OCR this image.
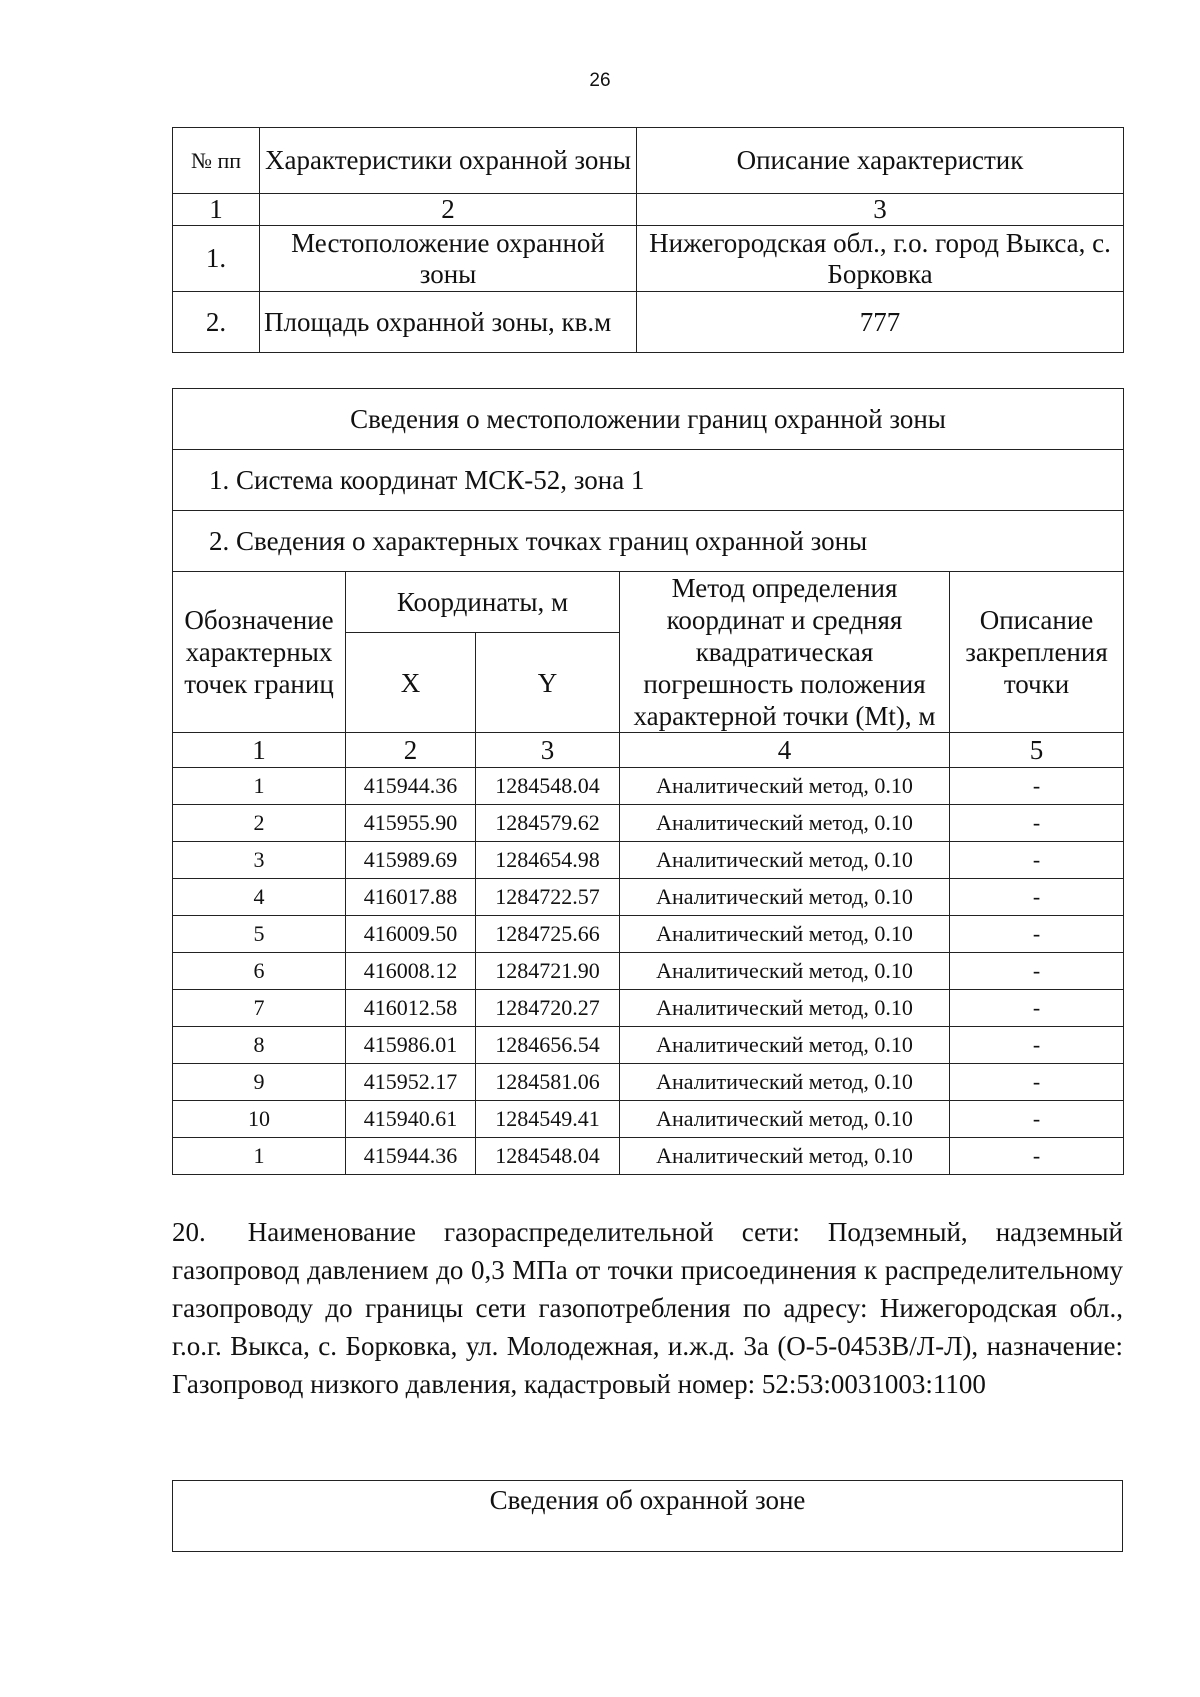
26
№ пп	Характеристики охранной зоны	Описание характеристик
1	2	3
1.	Местоположение охранной зоны	Нижегородская обл., г.о. город Выкса, с. Борковка
2.	Площадь охранной зоны, кв.м	777
Сведения о местоположении границ охранной зоны				
1. Система координат МСК-52, зона 1				
2. Сведения о характерных точках границ охранной зоны				
Обозначение характерных точек границ	Координаты, м		Метод определения координат и средняя квадратическая погрешность положения характерной точки (Mt), м	Описание закрепления точки
	X	Y		
1	2	3	4	5
1	415944.36	1284548.04	Аналитический метод, 0.10	-
2	415955.90	1284579.62	Аналитический метод, 0.10	-
3	415989.69	1284654.98	Аналитический метод, 0.10	-
4	416017.88	1284722.57	Аналитический метод, 0.10	-
5	416009.50	1284725.66	Аналитический метод, 0.10	-
6	416008.12	1284721.90	Аналитический метод, 0.10	-
7	416012.58	1284720.27	Аналитический метод, 0.10	-
8	415986.01	1284656.54	Аналитический метод, 0.10	-
9	415952.17	1284581.06	Аналитический метод, 0.10	-
10	415940.61	1284549.41	Аналитический метод, 0.10	-
1	415944.36	1284548.04	Аналитический метод, 0.10	-
20. Наименование газораспределительной сети: Подземный, надземный газопровод давлением до 0,3 МПа от точки присоединения к распределительному газопроводу до границы сети газопотребления по адресу: Нижегородская обл., г.о.г. Выкса, с. Борковка, ул. Молодежная, и.ж.д. 3а (О-5-0453В/Л-Л), назначение: Газопровод низкого давления, кадастровый номер: 52:53:0031003:1100
Сведения об охранной зоне
